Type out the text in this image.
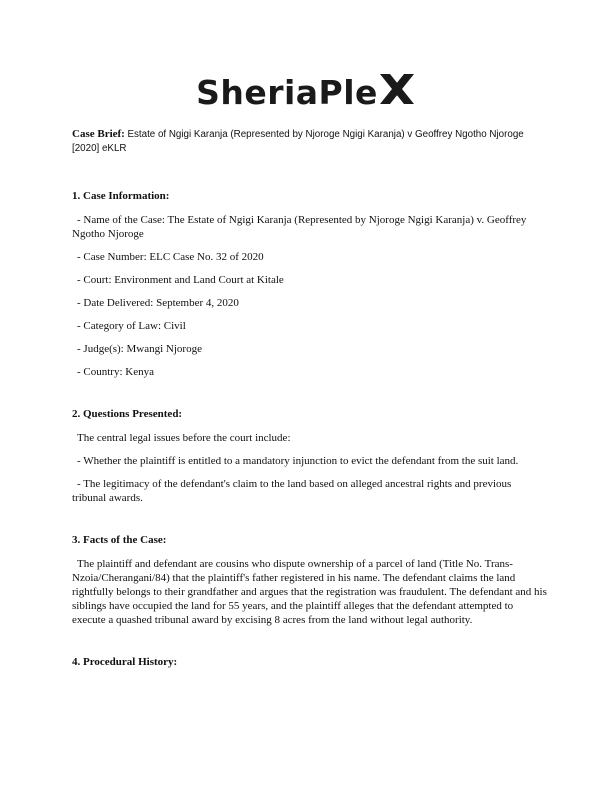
SheriaPle
Case Brief: Estate of Ngigi Karanja (Represented by Njoroge Ngigi Karanja) v Geoffrey Ngotho Njoroge [2020] eKLR
1. Case Information:
- Name of the Case: The Estate of Ngigi Karanja (Represented by Njoroge Ngigi Karanja) v. Geoffrey Ngotho Njoroge
- Case Number: ELC Case No. 32 of 2020
- Court: Environment and Land Court at Kitale
- Date Delivered: September 4, 2020
- Category of Law: Civil
- Judge(s): Mwangi Njoroge
- Country: Kenya
2. Questions Presented:
The central legal issues before the court include:
- Whether the plaintiff is entitled to a mandatory injunction to evict the defendant from the suit land.
- The legitimacy of the defendant's claim to the land based on alleged ancestral rights and previous tribunal awards.
3. Facts of the Case:
The plaintiff and defendant are cousins who dispute ownership of a parcel of land (Title No. Trans-Nzoia/Cherangani/84) that the plaintiff's father registered in his name. The defendant claims the land rightfully belongs to their grandfather and argues that the registration was fraudulent. The defendant and his siblings have occupied the land for 55 years, and the plaintiff alleges that the defendant attempted to execute a quashed tribunal award by excising 8 acres from the land without legal authority.
4. Procedural History:
